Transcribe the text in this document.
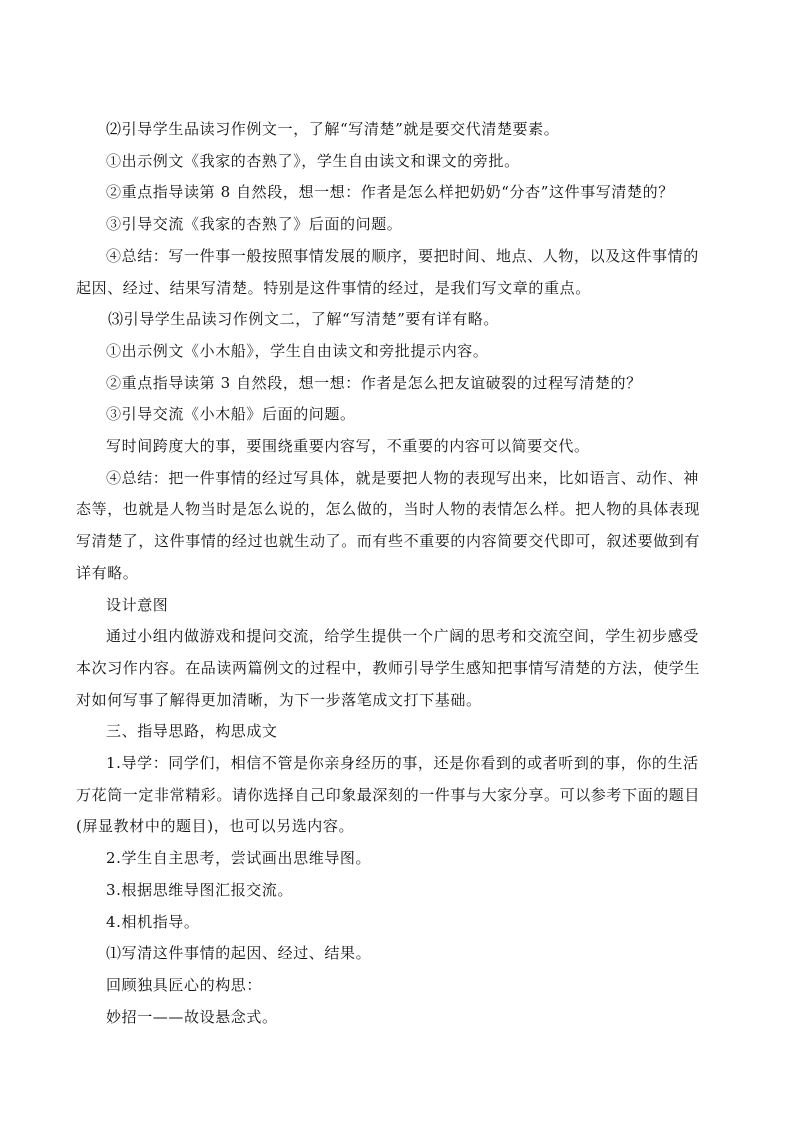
⑵引导学生品读习作例文一，了解“写清楚”就是要交代清楚要素。
①出示例文《我家的杏熟了》，学生自由读文和课文的旁批。
②重点指导读第 8 自然段，想一想：作者是怎么样把奶奶“分杏”这件事写清楚的？
③引导交流《我家的杏熟了》后面的问题。
④总结：写一件事一般按照事情发展的顺序，要把时间、地点、人物，以及这件事情的
起因、经过、结果写清楚。特别是这件事情的经过，是我们写文章的重点。
⑶引导学生品读习作例文二，了解“写清楚”要有详有略。
①出示例文《小木船》，学生自由读文和旁批提示内容。
②重点指导读第 3 自然段，想一想：作者是怎么把友谊破裂的过程写清楚的？
③引导交流《小木船》后面的问题。
写时间跨度大的事，要围绕重要内容写，不重要的内容可以简要交代。
④总结：把一件事情的经过写具体，就是要把人物的表现写出来，比如语言、动作、神
态等，也就是人物当时是怎么说的，怎么做的，当时人物的表情怎么样。把人物的具体表现
写清楚了，这件事情的经过也就生动了。而有些不重要的内容简要交代即可，叙述要做到有
详有略。
设计意图
通过小组内做游戏和提问交流，给学生提供一个广阔的思考和交流空间，学生初步感受
本次习作内容。在品读两篇例文的过程中，教师引导学生感知把事情写清楚的方法，使学生
对如何写事了解得更加清晰，为下一步落笔成文打下基础。
三、指导思路，构思成文
1.导学：同学们，相信不管是你亲身经历的事，还是你看到的或者听到的事，你的生活
万花筒一定非常精彩。请你选择自己印象最深刻的一件事与大家分享。可以参考下面的题目
(屏显教材中的题目)，也可以另选内容。
2.学生自主思考，尝试画出思维导图。
3.根据思维导图汇报交流。
4.相机指导。
⑴写清这件事情的起因、经过、结果。
回顾独具匠心的构思：
妙招一——故设悬念式。
